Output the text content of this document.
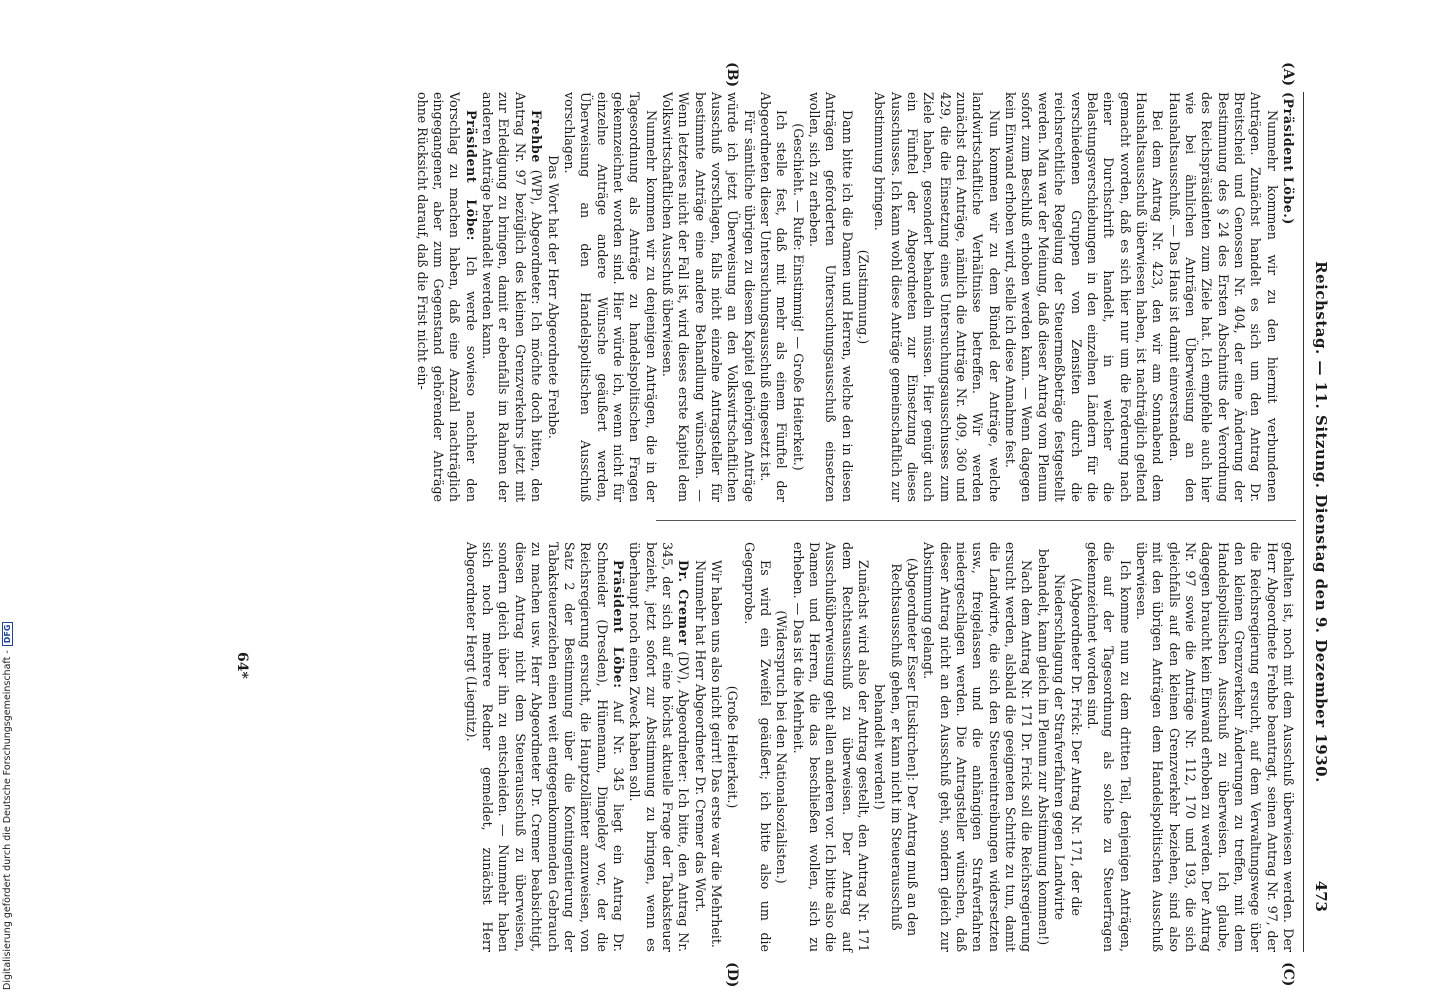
Reichstag. — 11. Sitzung. Dienstag den 9. Dezember 1930.
473
(A)
(B)
(C)
(D)

(Präsident Löbe.)

Nunmehr kommen wir zu den hiermit verbundenen Anträgen. Zunächst handelt es sich um den Antrag Dr. Breitscheid und Genossen Nr. 404, der eine Änderung der Bestimmung des § 24 des Ersten Abschnitts der Verordnung des Reichspräsidenten zum Ziele hat. Ich empfehle auch hier wie bei ähnlichen Anträgen Überweisung an den Haushaltsausschuß. — Das Haus ist damit einverstanden.

Bei dem Antrag Nr. 423, den wir am Sonnabend dem Haushaltsausschuß überwiesen haben, ist nachträglich geltend gemacht worden, daß es sich hier nur um die Forderung nach einer Durchschrift handelt, in welcher die Belastungsverschiebungen in den einzelnen Ländern für die verschiedenen Gruppen von Zensiten durch die reichsrechtliche Regelung der Steuermeßbeträge festgestellt werden. Man war der Meinung, daß dieser Antrag vom Plenum sofort zum Beschluß erhoben werden kann. — Wenn dagegen kein Einwand erhoben wird, stelle ich diese Annahme fest.

Nun kommen wir zu dem Bündel der Anträge, welche landwirtschaftliche Verhältnisse betreffen. Wir werden zunächst drei Anträge, nämlich die Anträge Nr. 409, 360 und 429, die die Einsetzung eines Untersuchungsausschusses zum Ziele haben, gesondert behandeln müssen. Hier genügt auch ein Fünftel der Abgeordneten zur Einsetzung dieses Ausschusses. Ich kann wohl diese Anträge gemeinschaftlich zur Abstimmung bringen.

(Zustimmung.)

Dann bitte ich die Damen und Herren, welche den in diesen Anträgen geforderten Untersuchungsausschuß einsetzen wollen, sich zu erheben.

(Geschieht. — Rufe: Einstimmig! — Große Heiterkeit.)

Ich stelle fest, daß mit mehr als einem Fünftel der Abgeordneten dieser Untersuchungsausschuß eingesetzt ist.

Für sämtliche übrigen zu diesem Kapitel gehörigen Anträge würde ich jetzt Überweisung an den Volkswirtschaftlichen Ausschuß vorschlagen, falls nicht einzelne Antragsteller für bestimmte Anträge eine andere Behandlung wünschen. — Wenn letzteres nicht der Fall ist, wird dieses erste Kapitel dem Volkswirtschaftlichen Ausschuß überwiesen.

Nunmehr kommen wir zu denjenigen Anträgen, die in der Tagesordnung als Anträge zu handelspolitischen Fragen gekennzeichnet worden sind. Hier würde ich, wenn nicht für einzelne Anträge andere Wünsche geäußert werden, Überweisung an den Handelspolitischen Ausschuß vorschlagen.

Das Wort hat der Herr Abgeordnete Frehbe.

Frehbe (WP), Abgeordneter: Ich möchte doch bitten, den Antrag Nr. 97 bezüglich des kleinen Grenzverkehrs jetzt mit zur Erledigung zu bringen, damit er ebenfalls im Rahmen der anderen Anträge behandelt werden kann.

Präsident Löbe: Ich werde sowieso nachher den Vorschlag zu machen haben, daß eine Anzahl nachträglich eingegangener, aber zum Gegenstand gehörender Anträge ohne Rücksicht darauf, daß die Frist nicht ein-

gehalten ist, noch mit dem Ausschuß überwiesen werden. Der Herr Abgeordnete Frehbe beantragt, seinen Antrag Nr. 97, der die Reichsregierung ersucht, auf dem Verwaltungswege über den kleinen Grenzverkehr Änderungen zu treffen, mit dem Handelspolitischen Ausschuß zu überweisen. Ich glaube, dagegen braucht kein Einwand erhoben zu werden. Der Antrag Nr. 97 sowie die Anträge Nr. 112, 170 und 193, die sich gleichfalls auf den kleinen Grenzverkehr beziehen, sind also mit den übrigen Anträgen dem Handelspolitischen Ausschuß überwiesen.

Ich komme nun zu dem dritten Teil, denjenigen Anträgen, die auf der Tagesordnung als solche zu Steuerfragen gekennzeichnet worden sind.

(Abgeordneter Dr. Frick: Der Antrag Nr. 171, der die Niederschlagung der Strafverfahren gegen Landwirte behandelt, kann gleich im Plenum zur Abstimmung kommen!)

Nach dem Antrag Nr. 171 Dr. Frick soll die Reichsregierung ersucht werden, alsbald die geeigneten Schritte zu tun, damit die Landwirte, die sich den Steuereintreibungen widersetzten usw., freigelassen und die anhängigen Strafverfahren niedergeschlagen werden. Die Antragsteller wünschen, daß dieser Antrag nicht an den Ausschuß geht, sondern gleich zur Abstimmung gelangt.

(Abgeordneter Esser [Euskirchen]: Der Antrag muß an den Rechtsausschuß gehen, er kann nicht im Steuerausschuß behandelt werden!)

Zunächst wird also der Antrag gestellt, den Antrag Nr. 171 dem Rechtsausschuß zu überweisen. Der Antrag auf Ausschußüberweisung geht allen anderen vor. Ich bitte also die Damen und Herren, die das beschließen wollen, sich zu erheben. — Das ist die Mehrheit.

(Widerspruch bei den Nationalsozialisten.)

Es wird ein Zweifel geäußert; ich bitte also um die Gegenprobe.

(Große Heiterkeit.)

Wir haben uns also nicht geirrt! Das erste war die Mehrheit.

Nunmehr hat Herr Abgeordneter Dr. Cremer das Wort.

Dr. Cremer (DV), Abgeordneter: Ich bitte, den Antrag Nr. 345, der sich auf eine höchst aktuelle Frage der Tabaksteuer bezieht, jetzt sofort zur Abstimmung zu bringen, wenn es überhaupt noch einen Zweck haben soll.

Präsident Löbe: Auf Nr. 345 liegt ein Antrag Dr. Schneider (Dresden), Hünemann, Dingeldey vor, der die Reichsregierung ersucht, die Hauptzollämter anzuweisen, von Satz 2 der Bestimmung über die Kontingentierung der Tabaksteuerzeichen einen weit entgegenkommenden Gebrauch zu machen usw. Herr Abgeordneter Dr. Cremer beabsichtigt, diesen Antrag nicht dem Steuerausschuß zu überweisen, sondern gleich über ihn zu entscheiden. — Nunmehr haben sich noch mehrere Redner gemeldet, zunächst Herr Abgeordneter Hergt (Liegnitz).

64*
Digitalisierung gefördert durch die Deutsche Forschungsgemeinschaft -DFG
